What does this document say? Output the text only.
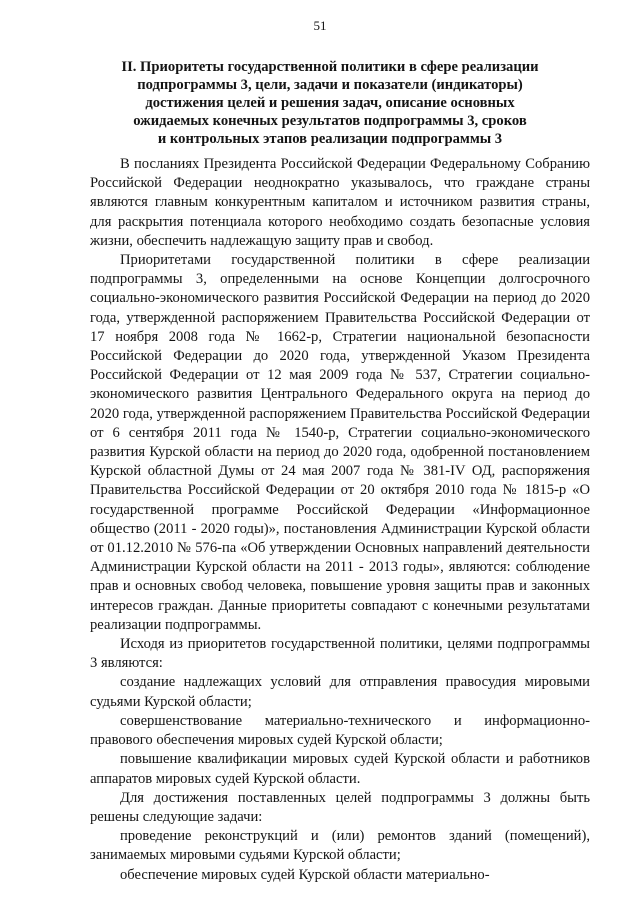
51
II. Приоритеты государственной политики в сфере реализации
подпрограммы 3, цели, задачи и показатели (индикаторы)
достижения целей и решения задач, описание основных
ожидаемых конечных результатов подпрограммы 3, сроков
и контрольных этапов реализации подпрограммы 3

В посланиях Президента Российской Федерации Федеральному Собранию Российской Федерации неоднократно указывалось, что граждане страны являются главным конкурентным капиталом и источником развития страны, для раскрытия потенциала которого необходимо создать безопасные условия жизни, обеспечить надлежащую защиту прав и свобод.

Приоритетами государственной политики в сфере реализации подпрограммы 3, определенными на основе Концепции долгосрочного социально-экономического развития Российской Федерации на период до 2020 года, утвержденной распоряжением Правительства Российской Федерации от 17 ноября 2008 года № 1662-р, Стратегии национальной безопасности Российской Федерации до 2020 года, утвержденной Указом Президента Российской Федерации от 12 мая 2009 года № 537, Стратегии социально-экономического развития Центрального Федерального округа на период до 2020 года, утвержденной распоряжением Правительства Российской Федерации от 6 сентября 2011 года № 1540-р, Стратегии социально-экономического развития Курской области на период до 2020 года, одобренной постановлением Курской областной Думы от 24 мая 2007 года № 381-IV ОД, распоряжения Правительства Российской Федерации от 20 октября 2010 года № 1815-р «О государственной программе Российской Федерации «Информационное общество (2011 - 2020 годы)», постановления Администрации Курской области от 01.12.2010 № 576-па «Об утверждении Основных направлений деятельности Администрации Курской области на 2011 - 2013 годы», являются: соблюдение прав и основных свобод человека, повышение уровня защиты прав и законных интересов граждан. Данные приоритеты совпадают с конечными результатами реализации подпрограммы.

Исходя из приоритетов государственной политики, целями подпрограммы 3 являются:

создание надлежащих условий для отправления правосудия мировыми судьями Курской области;

совершенствование материально-технического и информационно-правового обеспечения мировых судей Курской области;

повышение квалификации мировых судей Курской области и работников аппаратов мировых судей Курской области.

Для достижения поставленных целей подпрограммы 3 должны быть решены следующие задачи:

проведение реконструкций и (или) ремонтов зданий (помещений), занимаемых мировыми судьями Курской области;

обеспечение мировых судей Курской области материально-
